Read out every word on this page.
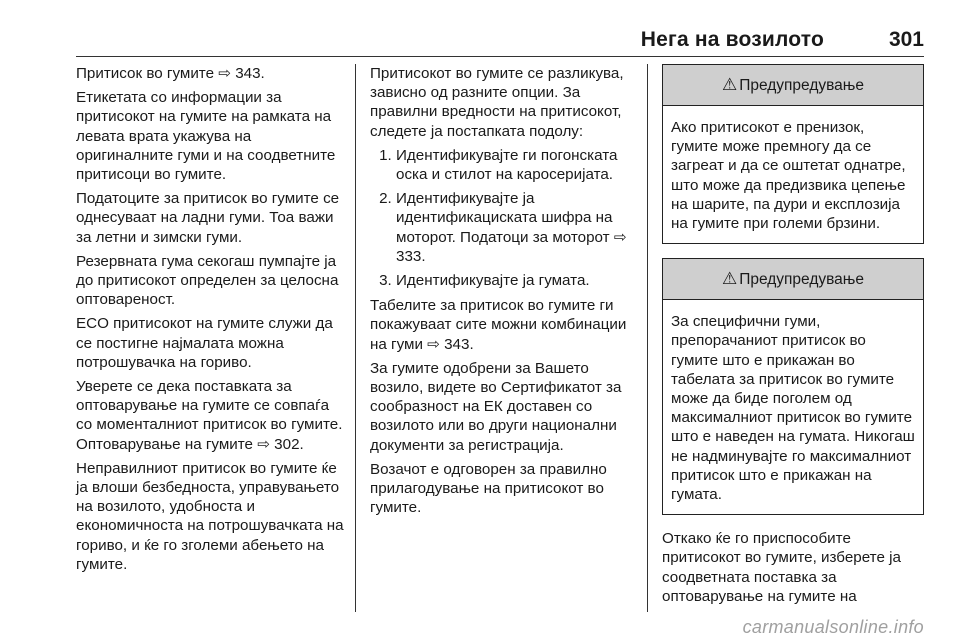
Нега на возилото	301

Притисок во гумите ⇨ 343.

Етикетата со информации за притисокот на гумите на рамката на левата врата укажува на оригиналните гуми и на соодветните притисоци во гумите.

Податоците за притисок во гумите се однесуваат на ладни гуми. Тоа важи за летни и зимски гуми.

Резервната гума секогаш пумпајте ја до притисокот определен за целосна оптовареност.

ECO притисокот на гумите служи да се постигне најмалата можна потрошувачка на гориво.

Уверете се дека поставката за оптоварување на гумите се совпаѓа со моменталниот притисок во гумите. Оптоварување на гумите ⇨ 302.

Неправилниот притисок во гумите ќе ја влоши безбедноста, управувањето на возилото, удобноста и економичноста на потрошувачката на гориво, и ќе го зголеми абењето на гумите.

Притисокот во гумите се разликува, зависно од разните опции. За правилни вредности на притисокот, следете ја постапката подолу:

1. Идентификувајте ги погонската оска и стилот на каросеријата.
2. Идентификувајте ја идентификациската шифра на моторот. Податоци за моторот ⇨ 333.
3. Идентификувајте ја гумата.

Табелите за притисок во гумите ги покажуваат сите можни комбинации на гуми ⇨ 343.

За гумите одобрени за Вашето возило, видете во Сертификатот за сообразност на ЕК доставен со возилото или во други национални документи за регистрација.

Возачот е одговорен за правилно прилагодување на притисокот во гумите.

⚠ Предупредување
Ако притисокот е пренизок, гумите може премногу да се загреат и да се оштетат однатре, што може да предизвика цепење на шарите, па дури и експлозија на гумите при големи брзини.
⚠ Предупредување
За специфични гуми, препорачаниот притисок во гумите што е прикажан во табелата за притисок во гумите може да биде поголем од максималниот притисок во гумите што е наведен на гумата. Никогаш не надминувајте го максималниот притисок што е прикажан на гумата.

Откако ќе го приспособите притисокот во гумите, изберете ја соодветната поставка за оптоварување на гумите на

carmanualsonline.info
